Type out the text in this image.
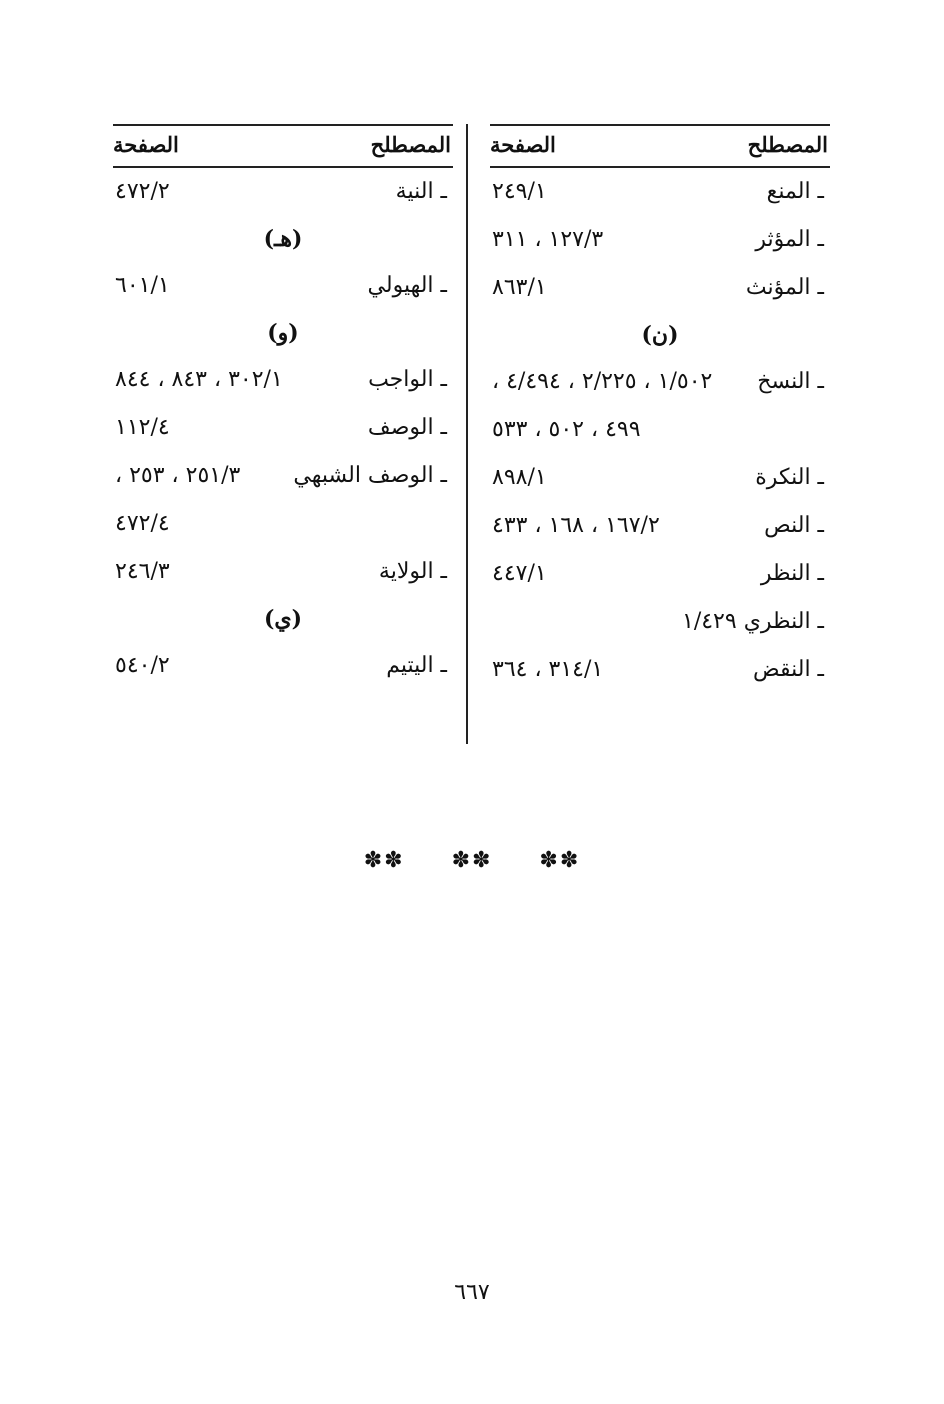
المصطلح
الصفحة
ـ المنع
٢٤٩/١
ـ المؤثر
١٢٧/٣ ، ٣١١
ـ المؤنث
٨٦٣/١
(ن)
ـ النسخ
١/٥٠٢ ، ٢/٢٢٥ ، ٤/٤٩٤ ،
٤٩٩ ، ٥٠٢ ، ٥٣٣
ـ النكرة
٨٩٨/١
ـ النص
١٦٧/٢ ، ١٦٨ ، ٤٣٣
ـ النظر
٤٤٧/١
ـ النظري ١/٤٢٩
ـ النقض
٣١٤/١ ، ٣٦٤
المصطلح
الصفحة
ـ النية
٤٧٢/٢
(هـ)
ـ الهيولي
٦٠١/١
(و)
ـ الواجب
٣٠٢/١ ، ٨٤٣ ، ٨٤٤
ـ الوصف
١١٢/٤
ـ الوصف الشبهي
٢٥١/٣ ، ٢٥٣ ،
٤٧٢/٤
ـ الولاية
٢٤٦/٣
(ي)
ـ اليتيم
٥٤٠/٢
✽✽ ✽✽ ✽✽
٦٦٧
